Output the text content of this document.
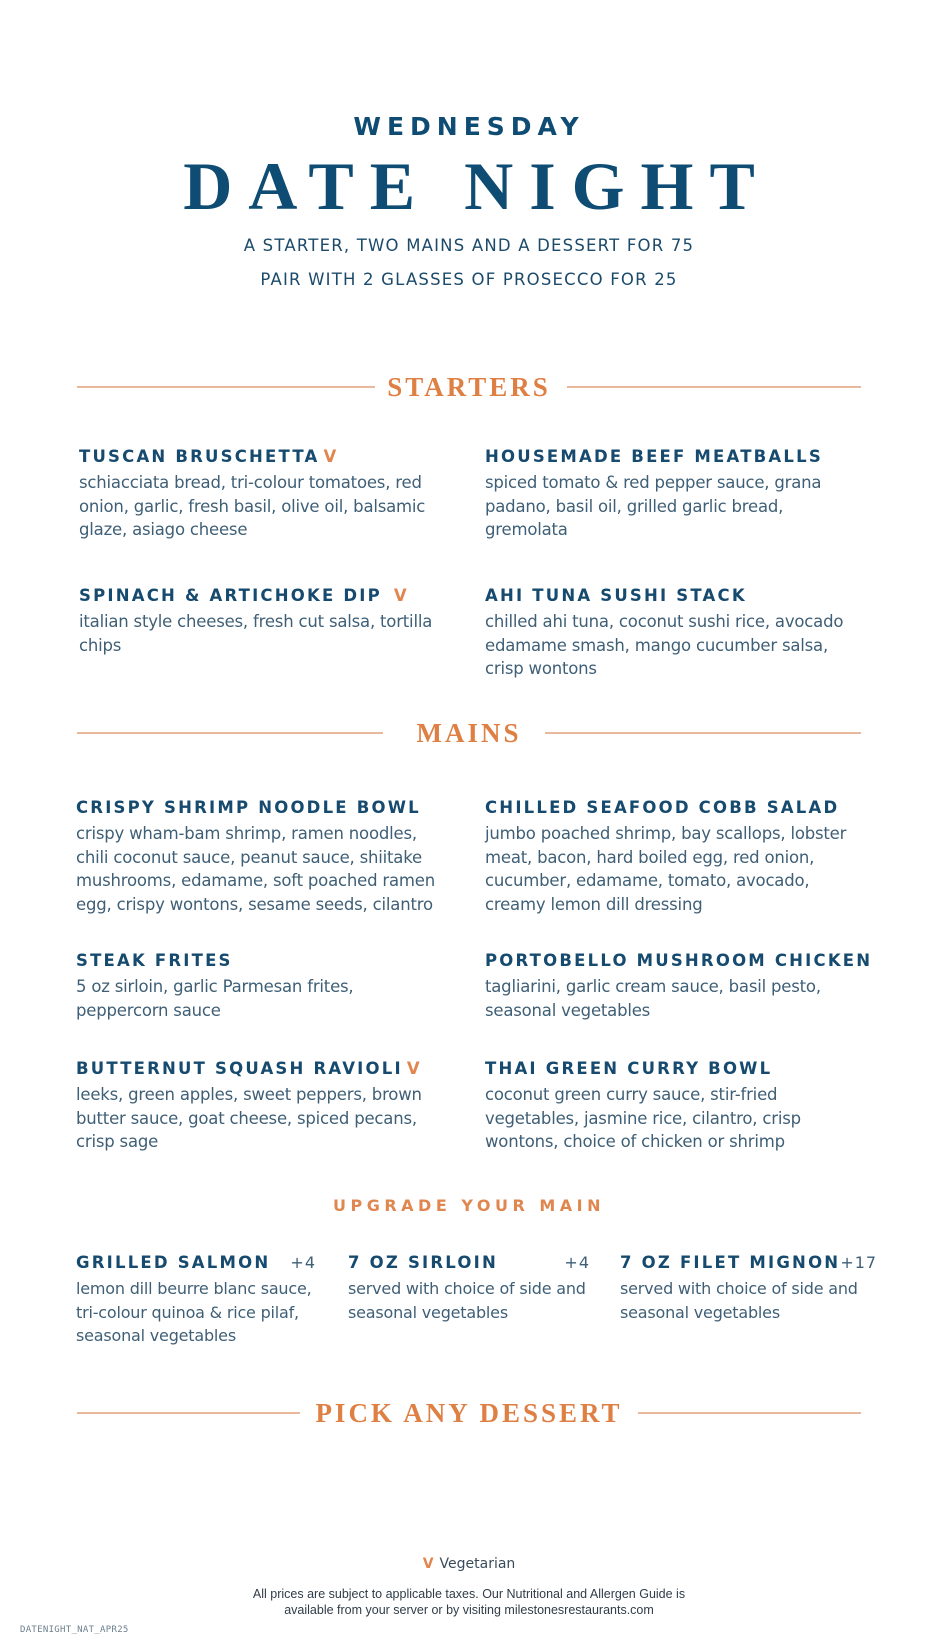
WEDNESDAY
DATE NIGHT
A STARTER, TWO MAINS AND A DESSERT FOR 75
PAIR WITH 2 GLASSES OF PROSECCO FOR 25
STARTERS
TUSCAN BRUSCHETTA V
schiacciata bread, tri-colour tomatoes, red onion, garlic, fresh basil, olive oil, balsamic glaze, asiago cheese
HOUSEMADE BEEF MEATBALLS
spiced tomato & red pepper sauce, grana padano, basil oil, grilled garlic bread, gremolata
SPINACH & ARTICHOKE DIP V
italian style cheeses, fresh cut salsa, tortilla chips
AHI TUNA SUSHI STACK
chilled ahi tuna, coconut sushi rice, avocado edamame smash, mango cucumber salsa, crisp wontons
MAINS
CRISPY SHRIMP NOODLE BOWL
crispy wham-bam shrimp, ramen noodles, chili coconut sauce, peanut sauce, shiitake mushrooms, edamame, soft poached ramen egg, crispy wontons, sesame seeds, cilantro
CHILLED SEAFOOD COBB SALAD
jumbo poached shrimp, bay scallops, lobster meat, bacon, hard boiled egg, red onion, cucumber, edamame, tomato, avocado, creamy lemon dill dressing
STEAK FRITES
5 oz sirloin, garlic Parmesan frites, peppercorn sauce
PORTOBELLO MUSHROOM CHICKEN
tagliarini, garlic cream sauce, basil pesto, seasonal vegetables
BUTTERNUT SQUASH RAVIOLI V
leeks, green apples, sweet peppers, brown butter sauce, goat cheese, spiced pecans, crisp sage
THAI GREEN CURRY BOWL
coconut green curry sauce, stir-fried vegetables, jasmine rice, cilantro, crisp wontons, choice of chicken or shrimp
UPGRADE YOUR MAIN
GRILLED SALMON +4
lemon dill beurre blanc sauce, tri-colour quinoa & rice pilaf, seasonal vegetables
7 OZ SIRLOIN	+4
served with choice of side and seasonal vegetables
7 OZ FILET MIGNON +17
served with choice of side and seasonal vegetables
PICK ANY DESSERT
V Vegetarian
All prices are subject to applicable taxes. Our Nutritional and Allergen Guide is
available from your server or by visiting milestonesrestaurants.com
DATENIGHT_NAT_APR25
